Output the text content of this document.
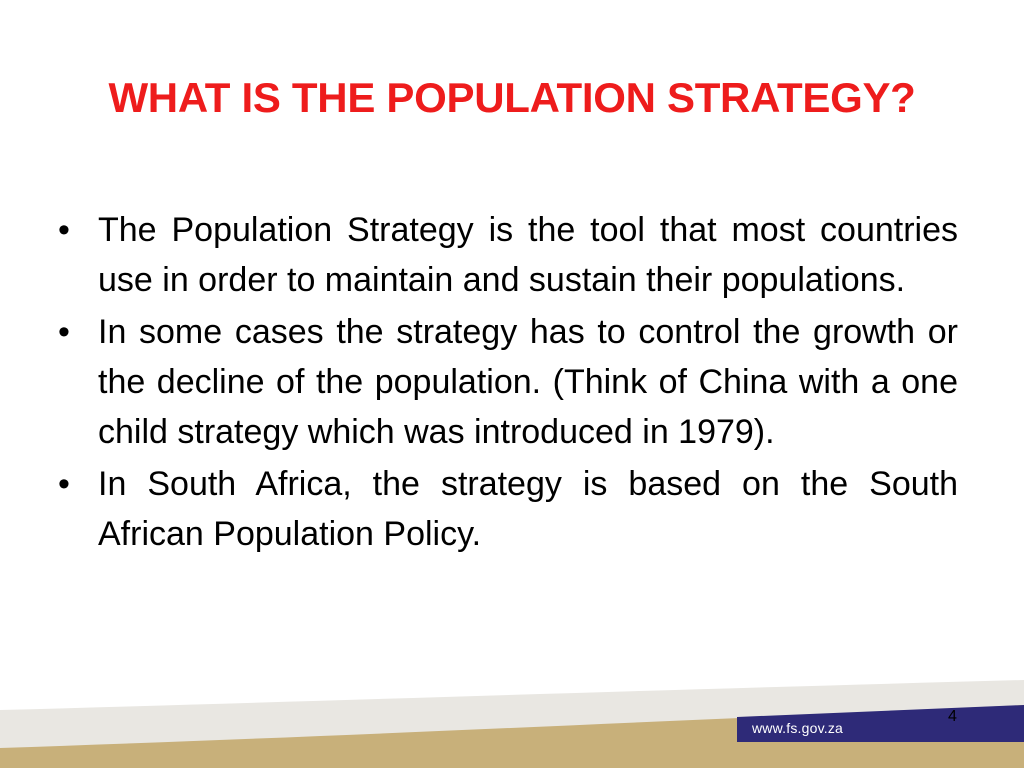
WHAT IS THE POPULATION STRATEGY?
• The Population Strategy is the tool that most countries use in order to maintain and sustain their populations.
• In some cases the strategy has to control the growth or the decline of the population. (Think of China with a one child strategy which was introduced in 1979).
• In South Africa, the strategy is based on the South African Population Policy.
4
www.fs.gov.za
